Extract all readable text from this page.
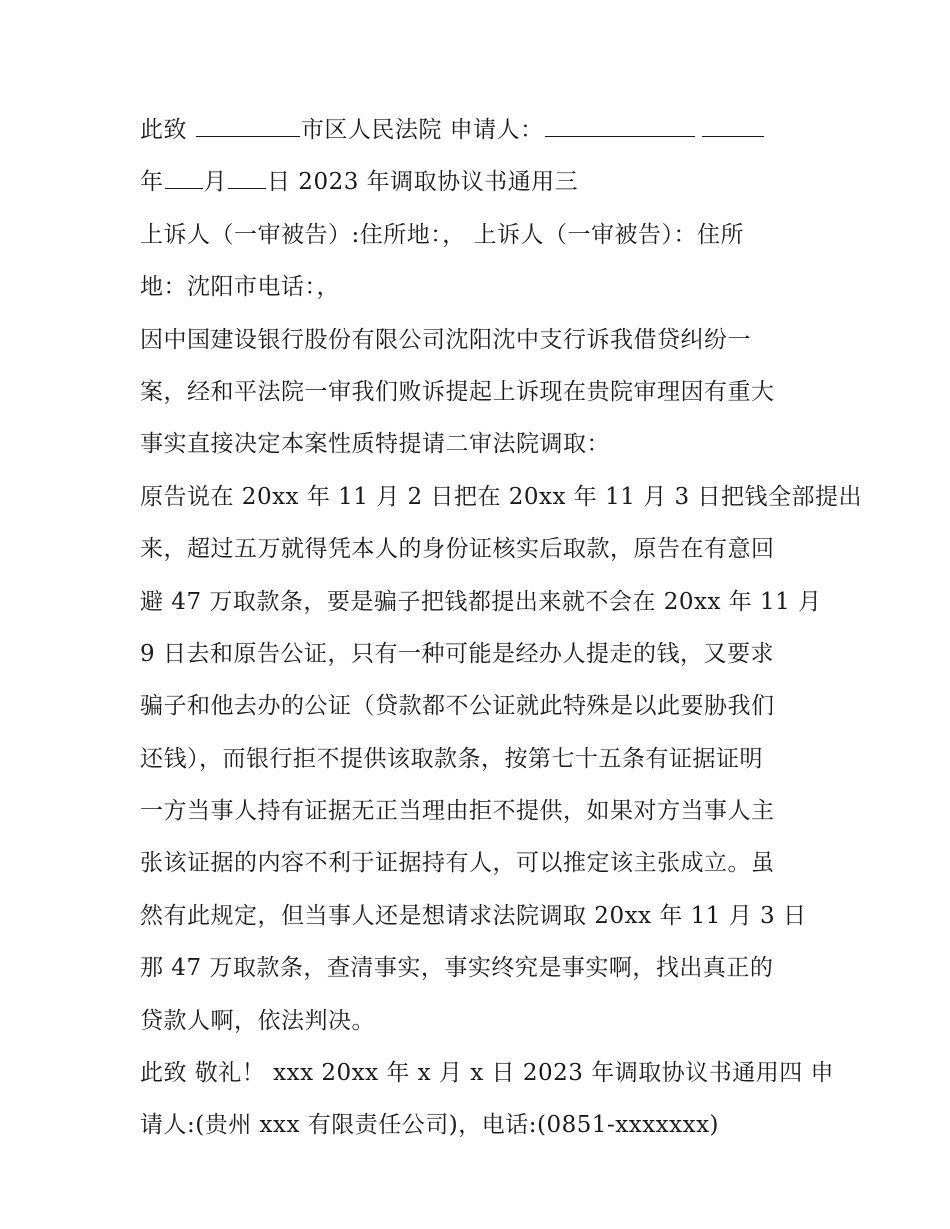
此致	市区人民法院 申请人：
年 月 日 2023 年调取协议书通用三
上诉人（一审被告）:住所地：， 上诉人（一审被告）：住所
地：沈阳市电话：，
因中国建设银行股份有限公司沈阳沈中支行诉我借贷纠纷一
案，经和平法院一审我们败诉提起上诉现在贵院审理因有重大
事实直接决定本案性质特提请二审法院调取：
原告说在 20xx 年 11 月 2 日把在 20xx 年 11 月 3 日把钱全部提出
来，超过五万就得凭本人的身份证核实后取款，原告在有意回
避 47 万取款条，要是骗子把钱都提出来就不会在 20xx 年 11 月
9 日去和原告公证，只有一种可能是经办人提走的钱，又要求
骗子和他去办的公证（贷款都不公证就此特殊是以此要胁我们
还钱），而银行拒不提供该取款条，按第七十五条有证据证明
一方当事人持有证据无正当理由拒不提供，如果对方当事人主
张该证据的内容不利于证据持有人，可以推定该主张成立。虽
然有此规定，但当事人还是想请求法院调取 20xx 年 11 月 3 日
那 47 万取款条，查清事实，事实终究是事实啊，找出真正的
贷款人啊，依法判决。
此致 敬礼！ xxx 20xx 年 x 月 x 日 2023 年调取协议书通用四 申
请人:(贵州 xxx 有限责任公司)，电话:(0851-xxxxxxx)
